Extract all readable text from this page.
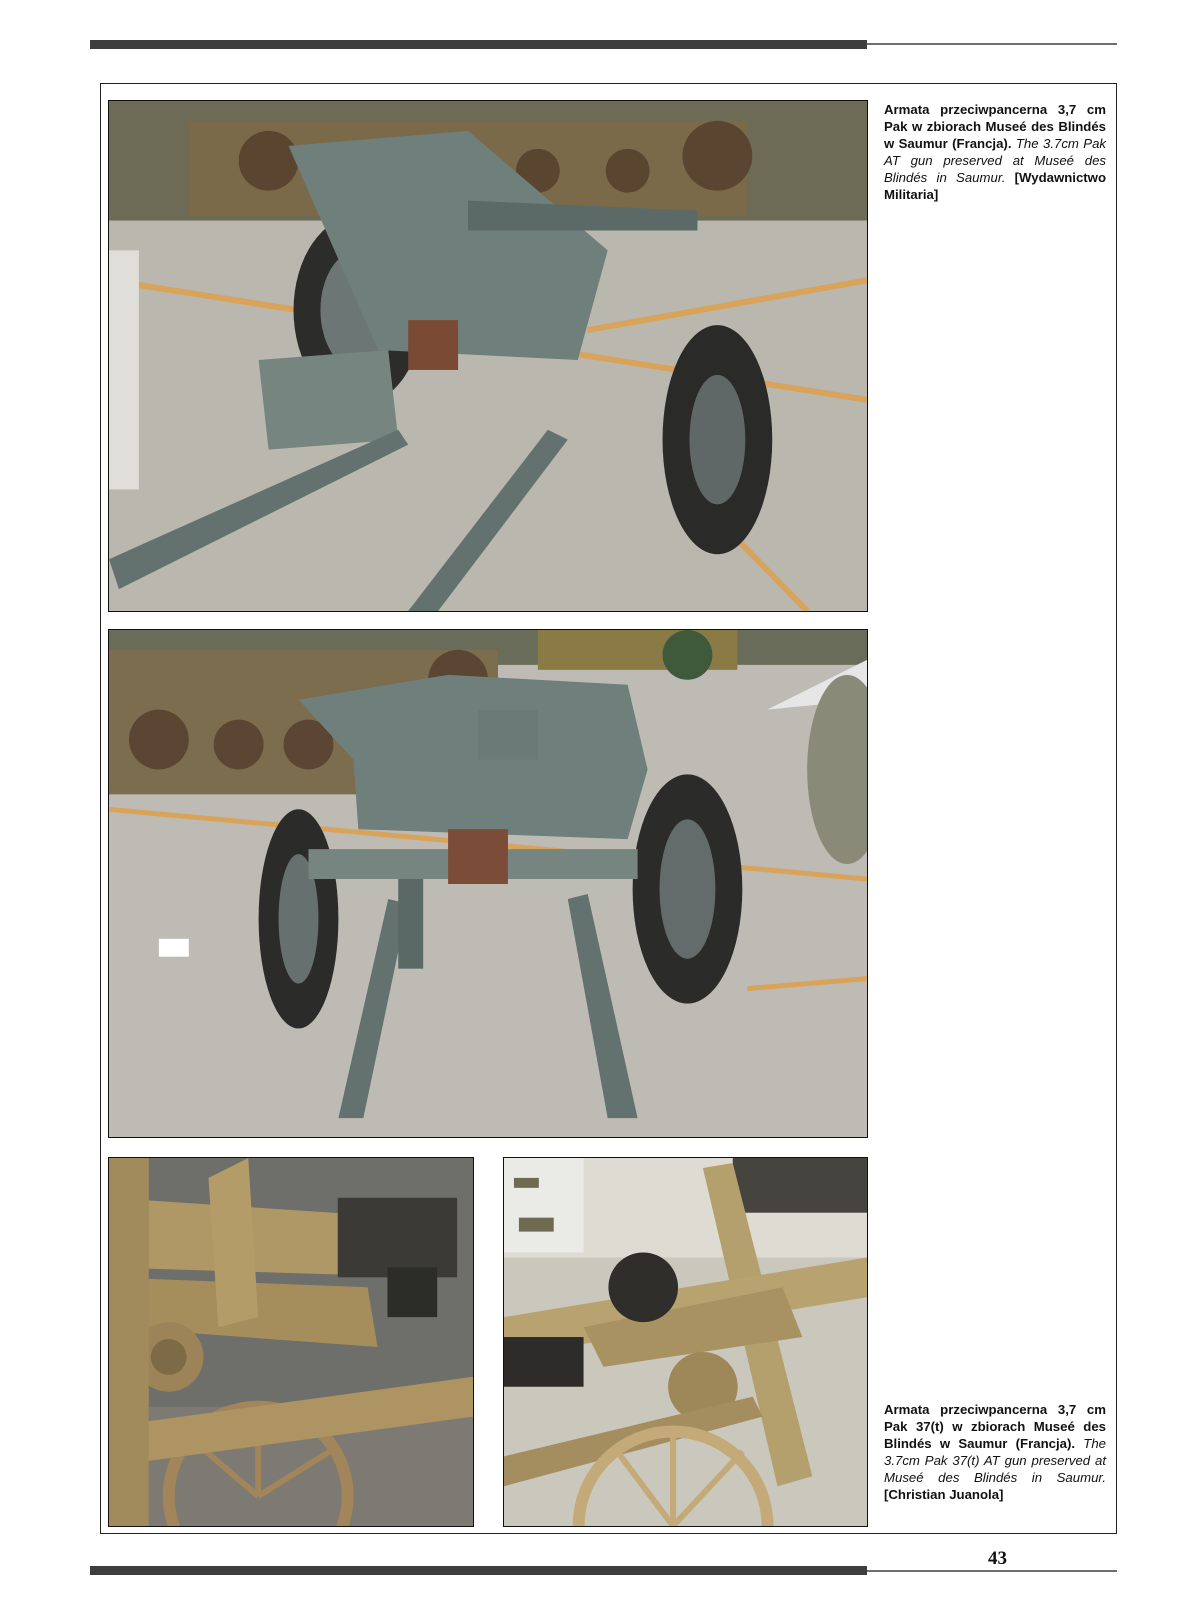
Armata przeciwpancerna 3,7 cm Pak w zbiorach Museé des Blindés w Saumur (Francja). The 3.7cm Pak AT gun preserved at Museé des Blindés in Saumur. [Wydawnictwo Militaria]
Armata przeciwpancerna 3,7 cm Pak 37(t) w zbiorach Museé des Blindés w Saumur (Francja). The 3.7cm Pak 37(t) AT gun preserved at Museé des Blindés in Saumur. [Christian Juanola]
43
